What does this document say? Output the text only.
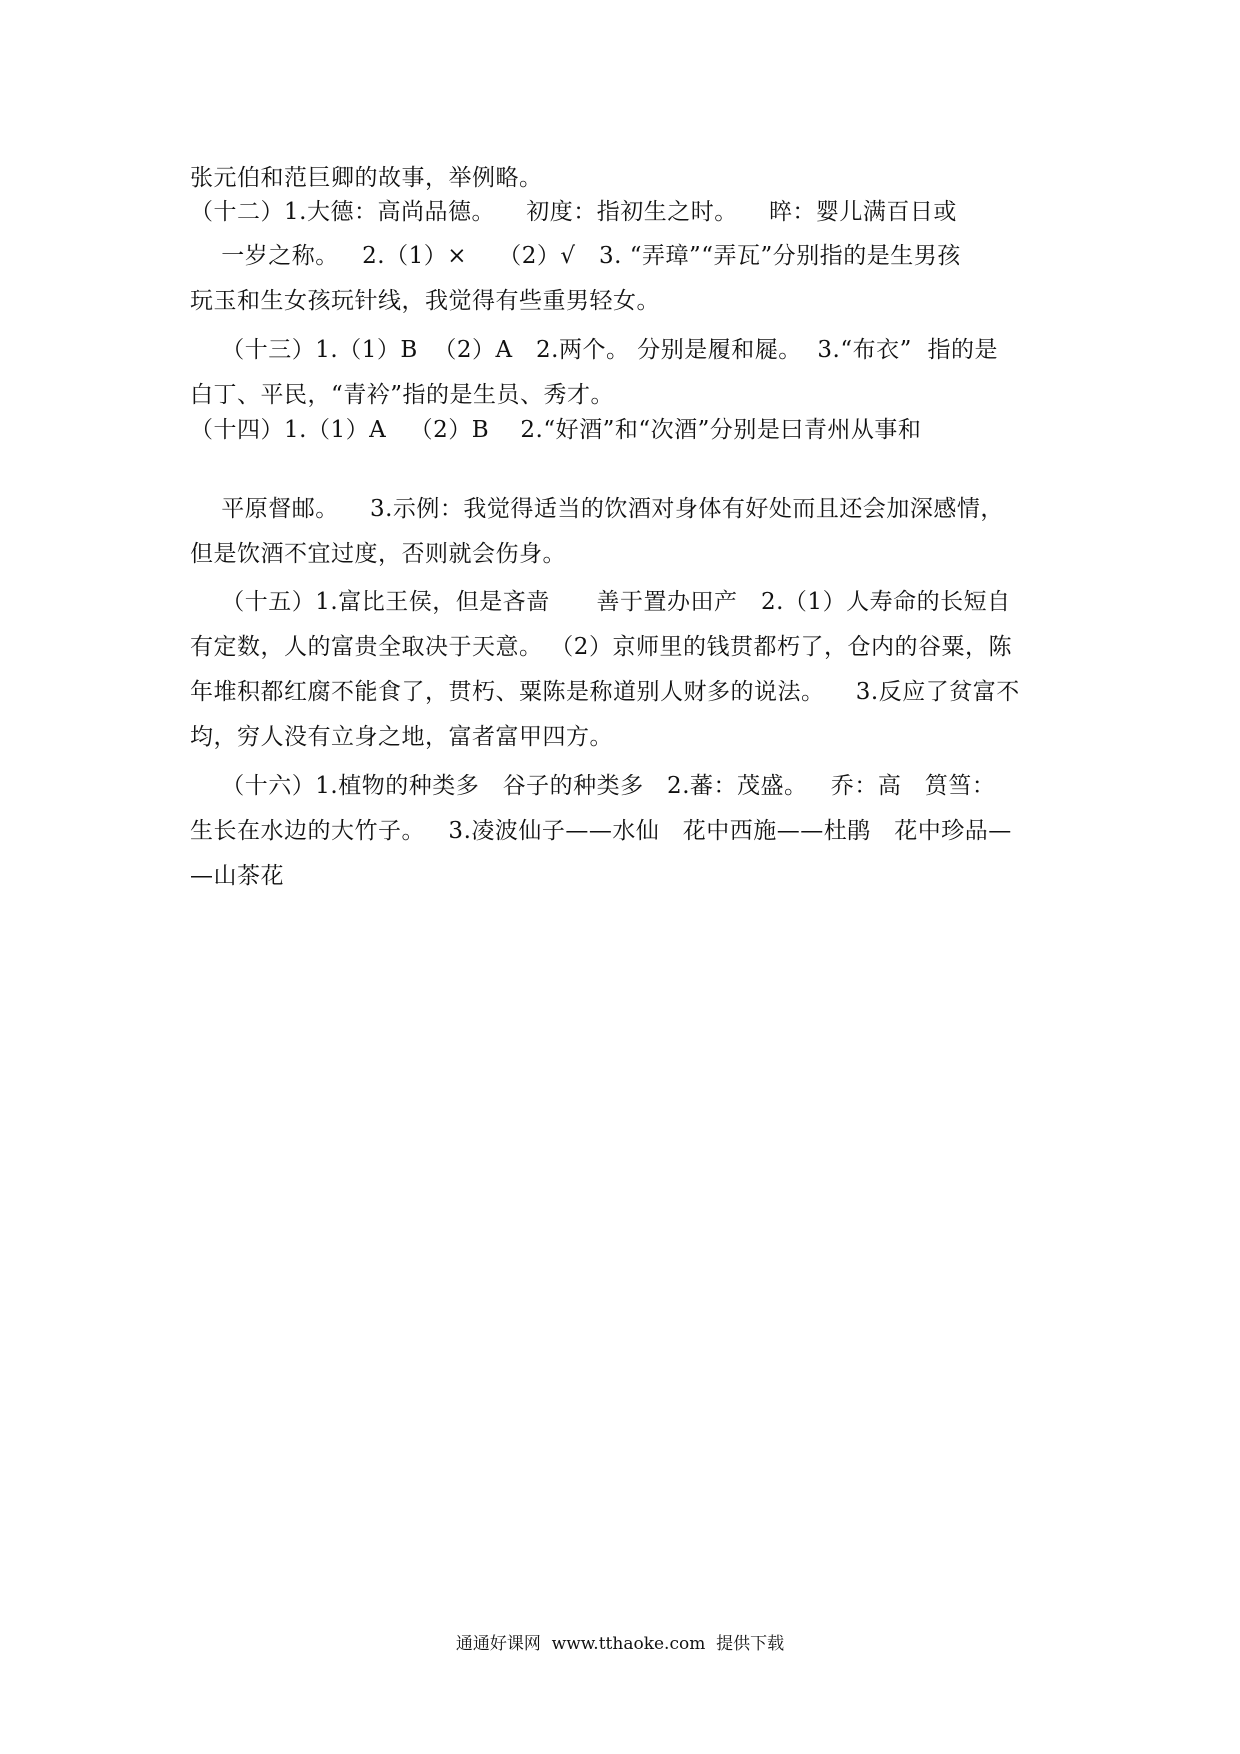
张元伯和范巨卿的故事，举例略。
（十二）1.大德：高尚品德。    初度：指初生之时。    晬：婴儿满百日或
一岁之称。   2.（1）×    （2）√   3. “弄璋”“弄瓦”分别指的是生男孩
玩玉和生女孩玩针线，我觉得有些重男轻女。
（十三）1.（1）B  （2）A   2.两个。 分别是履和屣。  3.“布衣”  指的是
白丁、平民，“青衿”指的是生员、秀才。
（十四）1.（1）A   （2）B    2.“好酒”和“次酒”分别是曰青州从事和
平原督邮。    3.示例：我觉得适当的饮酒对身体有好处而且还会加深感情，
但是饮酒不宜过度，否则就会伤身。
（十五）1.富比王侯，但是吝啬      善于置办田产   2.（1）人寿命的长短自
有定数，人的富贵全取决于天意。 （2）京师里的钱贯都朽了，仓内的谷粟，陈
年堆积都红腐不能食了，贯朽、粟陈是称道别人财多的说法。    3.反应了贫富不
均，穷人没有立身之地，富者富甲四方。
（十六）1.植物的种类多   谷子的种类多   2.蕃：茂盛。   乔：高   筼筜：
生长在水边的大竹子。   3.凌波仙子——水仙   花中西施——杜鹃   花中珍品—
—山茶花
通通好课网  www.tthaoke.com  提供下载
